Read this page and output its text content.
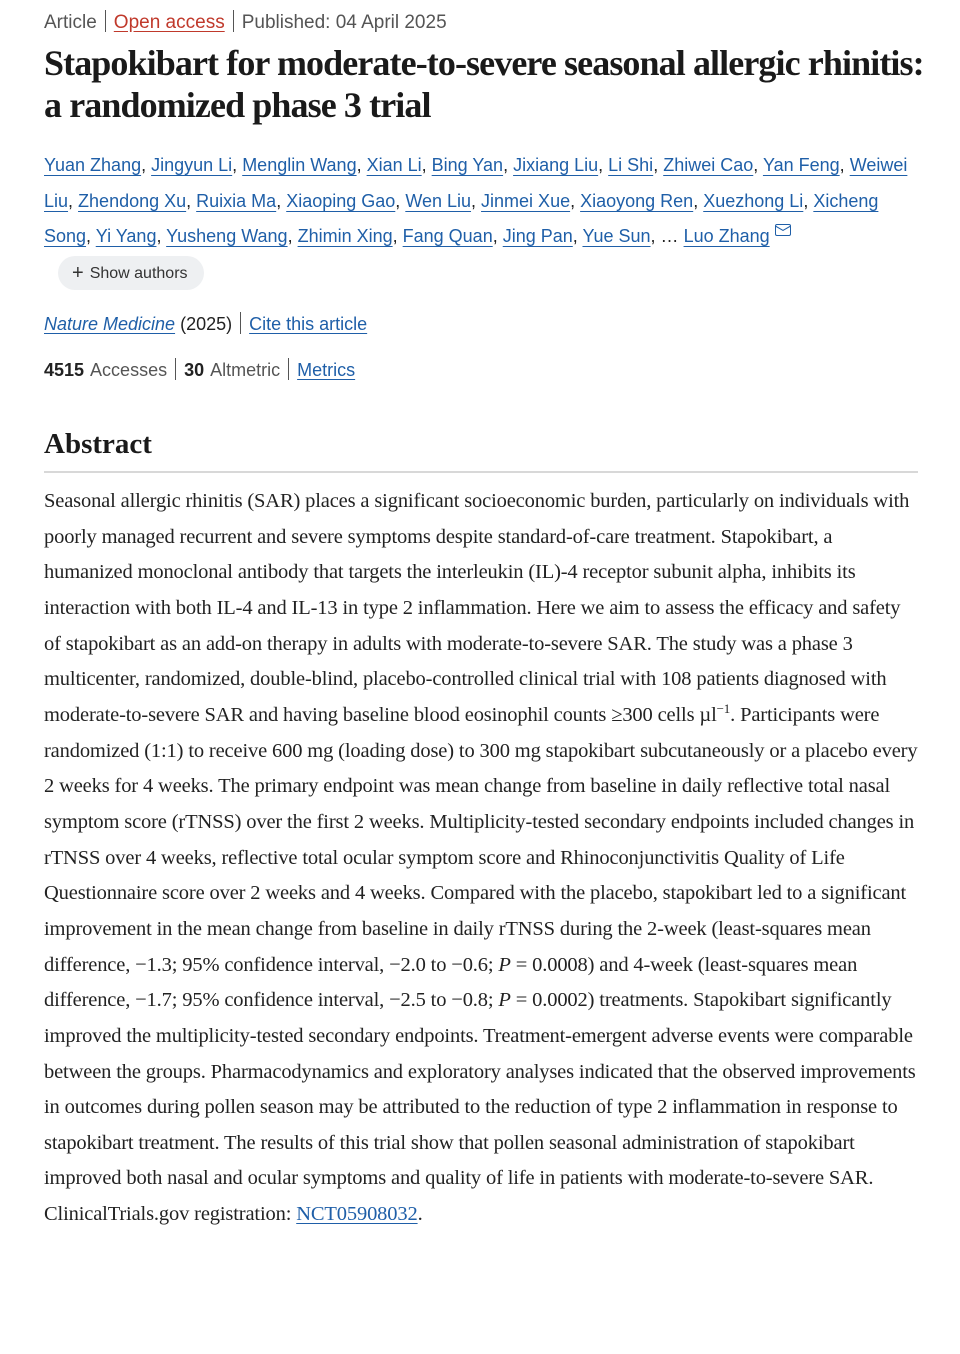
Article Open access Published: 04 April 2025
Stapokibart for moderate-to-severe seasonal allergic rhinitis: a randomized phase 3 trial
Yuan Zhang, Jingyun Li, Menglin Wang, Xian Li, Bing Yan, Jixiang Liu, Li Shi, Zhiwei Cao, Yan Feng, Weiwei Liu, Zhendong Xu, Ruixia Ma, Xiaoping Gao, Wen Liu, Jinmei Xue, Xiaoyong Ren, Xuezhong Li, Xicheng Song, Yi Yang, Yusheng Wang, Zhimin Xing, Fang Quan, Jing Pan, Yue Sun, … Luo Zhang+ Show authors
Nature Medicine (2025) Cite this article
4515 Accesses 30 Altmetric Metrics
Abstract

Seasonal allergic rhinitis (SAR) places a significant socioeconomic burden, particularly on individuals with poorly managed recurrent and severe symptoms despite standard-of-care treatment. Stapokibart, a humanized monoclonal antibody that targets the interleukin (IL)-4 receptor subunit alpha, inhibits its interaction with both IL-4 and IL-13 in type 2 inflammation. Here we aim to assess the efficacy and safety of stapokibart as an add-on therapy in adults with moderate-to-severe SAR. The study was a phase 3 multicenter, randomized, double-blind, placebo-controlled clinical trial with 108 patients diagnosed with moderate-to-severe SAR and having baseline blood eosinophil counts ≥300 cells µl$^{-1}$. Participants were randomized (1:1) to receive 600 mg (loading dose) to 300 mg stapokibart subcutaneously or a placebo every 2 weeks for 4 weeks. The primary endpoint was mean change from baseline in daily reflective total nasal symptom score (rTNSS) over the first 2 weeks. Multiplicity-tested secondary endpoints included changes in rTNSS over 4 weeks, reflective total ocular symptom score and Rhinoconjunctivitis Quality of Life Questionnaire score over 2 weeks and 4 weeks. Compared with the placebo, stapokibart led to a significant improvement in the mean change from baseline in daily rTNSS during the 2-week (least-squares mean difference, −1.3; 95% confidence interval, −2.0 to −0.6; P = 0.0008) and 4-week (least-squares mean difference, −1.7; 95% confidence interval, −2.5 to −0.8; P = 0.0002) treatments. Stapokibart significantly improved the multiplicity-tested secondary endpoints. Treatment-emergent adverse events were comparable between the groups. Pharmacodynamics and exploratory analyses indicated that the observed improvements in outcomes during pollen season may be attributed to the reduction of type 2 inflammation in response to stapokibart treatment. The results of this trial show that pollen seasonal administration of stapokibart improved both nasal and ocular symptoms and quality of life in patients with moderate-to-severe SAR. ClinicalTrials.gov registration: NCT05908032.
